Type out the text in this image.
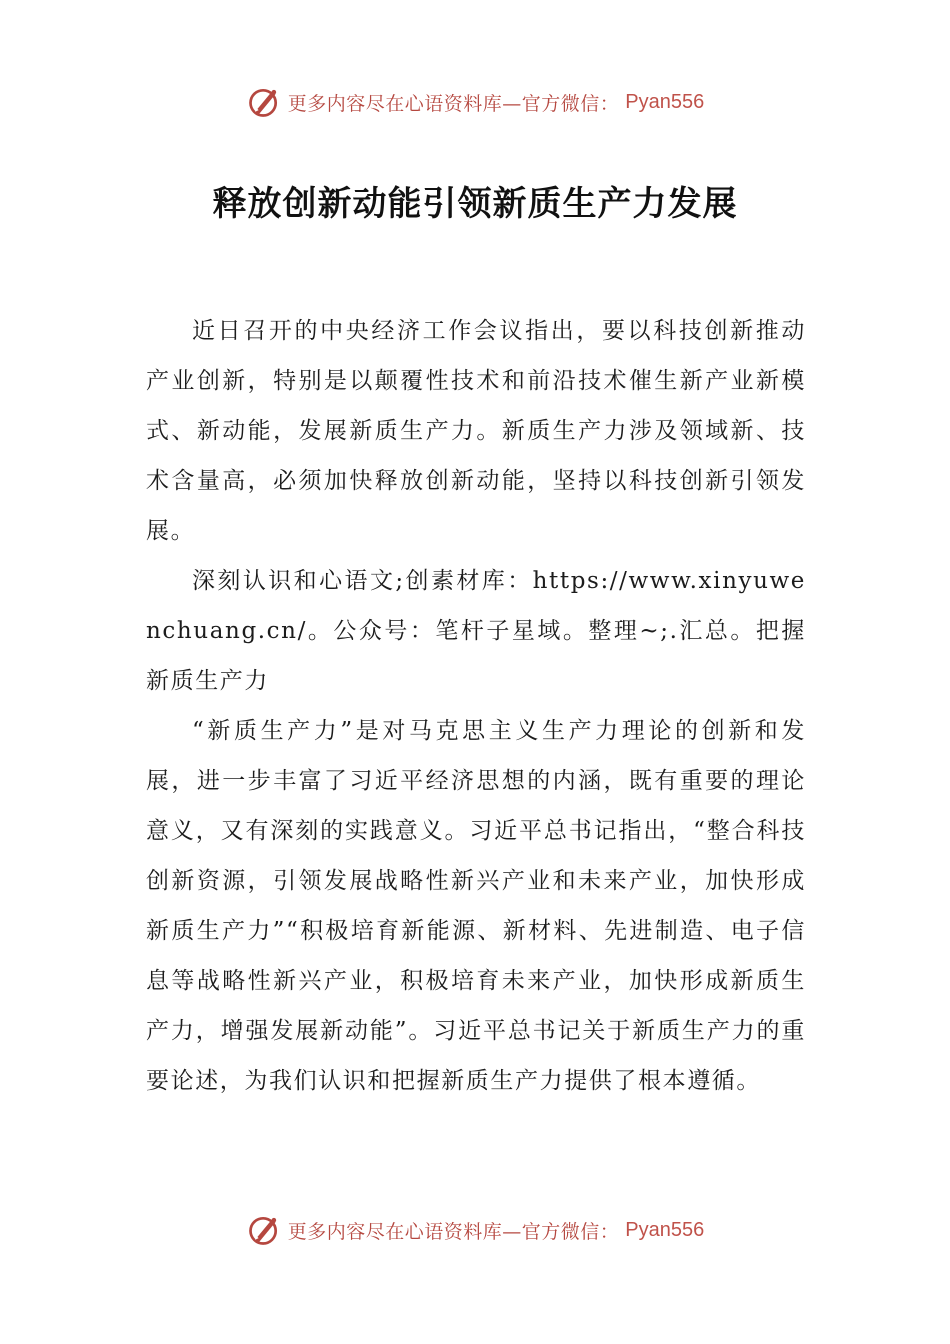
更多内容尽在心语资料库—官方微信： Pyan556
释放创新动能引领新质生产力发展

近日召开的中央经济工作会议指出，要以科技创新推动产业创新，特别是以颠覆性技术和前沿技术催生新产业新模式、新动能，发展新质生产力。新质生产力涉及领域新、技术含量高，必须加快释放创新动能，坚持以科技创新引领发展。

深刻认识和心语文;创素材库：https://www.xinyuwenchuang.cn/。公众号：笔杆子星域。整理~;.汇总。把握新质生产力

“新质生产力”是对马克思主义生产力理论的创新和发展，进一步丰富了习近平经济思想的内涵，既有重要的理论意义，又有深刻的实践意义。习近平总书记指出，“整合科技创新资源，引领发展战略性新兴产业和未来产业，加快形成新质生产力”“积极培育新能源、新材料、先进制造、电子信息等战略性新兴产业，积极培育未来产业，加快形成新质生产力，增强发展新动能”。习近平总书记关于新质生产力的重要论述，为我们认识和把握新质生产力提供了根本遵循。

更多内容尽在心语资料库—官方微信： Pyan556
